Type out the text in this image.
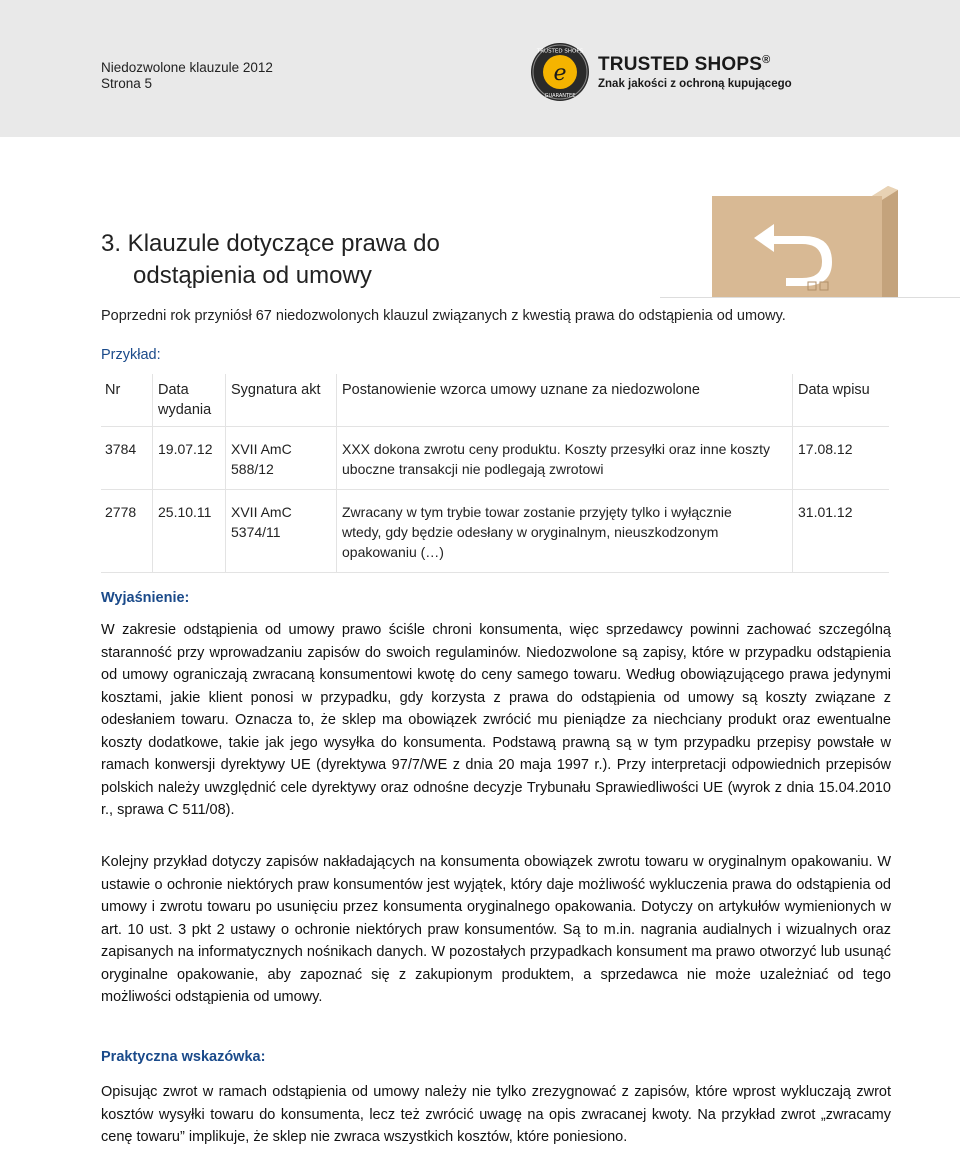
Niedozwolone klauzule 2012
Strona 5	e
TRUSTED SHOPS
GUARANTEE
TRUSTED SHOPS®
Znak jakości z ochroną kupującego
3. Klauzule dotyczące prawa do
odstąpienia od umowy
Poprzedni rok przyniósł 67 niedozwolonych klauzul związanych z kwestią prawa do odstąpienia od umowy.
Przykład:
Nr	Data wydania	Sygnatura akt	Postanowienie wzorca umowy uznane za niedozwolone	Data wpisu
3784	19.07.12	XVII AmC 588/12	XXX dokona zwrotu ceny produktu. Koszty przesyłki oraz inne koszty uboczne transakcji nie podlegają zwrotowi	17.08.12
2778	25.10.11	XVII AmC 5374/11	Zwracany w tym trybie towar zostanie przyjęty tylko i wyłącznie wtedy, gdy będzie odesłany w oryginalnym, nieuszkodzonym opakowaniu (…)	31.01.12
Wyjaśnienie:
W zakresie odstąpienia od umowy prawo ściśle chroni konsumenta, więc sprzedawcy powinni zachować szczególną staranność przy wprowadzaniu zapisów do swoich regulaminów. Niedozwolone są zapisy, które w przypadku odstąpienia od umowy ograniczają zwracaną konsumentowi kwotę do ceny samego towaru. Według obowiązującego prawa jedynymi kosztami, jakie klient ponosi w przypadku, gdy korzysta z prawa do odstąpienia od umowy są koszty związane z odesłaniem towaru. Oznacza to, że sklep ma obowiązek zwrócić mu pieniądze za niechciany produkt oraz ewentualne koszty dodatkowe, takie jak jego wysyłka do konsumenta. Podstawą prawną są w tym przypadku przepisy powstałe w ramach konwersji dyrektywy UE (dyrektywa 97/7/WE z dnia 20 maja 1997 r.). Przy interpretacji odpowiednich przepisów polskich należy uwzględnić cele dyrektywy oraz odnośne decyzje Trybunału Sprawiedliwości UE (wyrok z dnia 15.04.2010 r., sprawa C 511/08).
Kolejny przykład dotyczy zapisów nakładających na konsumenta obowiązek zwrotu towaru w oryginalnym opakowaniu. W ustawie o ochronie niektórych praw konsumentów jest wyjątek, który daje możliwość wykluczenia prawa do odstąpienia od umowy i zwrotu towaru po usunięciu przez konsumenta oryginalnego opakowania. Dotyczy on artykułów wymienionych w art. 10 ust. 3 pkt 2 ustawy o ochronie niektórych praw konsumentów. Są to m.in. nagrania audialnych i wizualnych oraz zapisanych na informatycznych nośnikach danych. W pozostałych przypadkach konsument ma prawo otworzyć lub usunąć oryginalne opakowanie, aby zapoznać się z zakupionym produktem, a sprzedawca nie może uzależniać od tego możliwości odstąpienia od umowy.
Praktyczna wskazówka:
Opisując zwrot w ramach odstąpienia od umowy należy nie tylko zrezygnować z zapisów, które wprost wykluczają zwrot kosztów wysyłki towaru do konsumenta, lecz też zwrócić uwagę na opis zwracanej kwoty. Na przykład zwrot „zwracamy cenę towaru” implikuje, że sklep nie zwraca wszystkich kosztów, które poniesiono.
